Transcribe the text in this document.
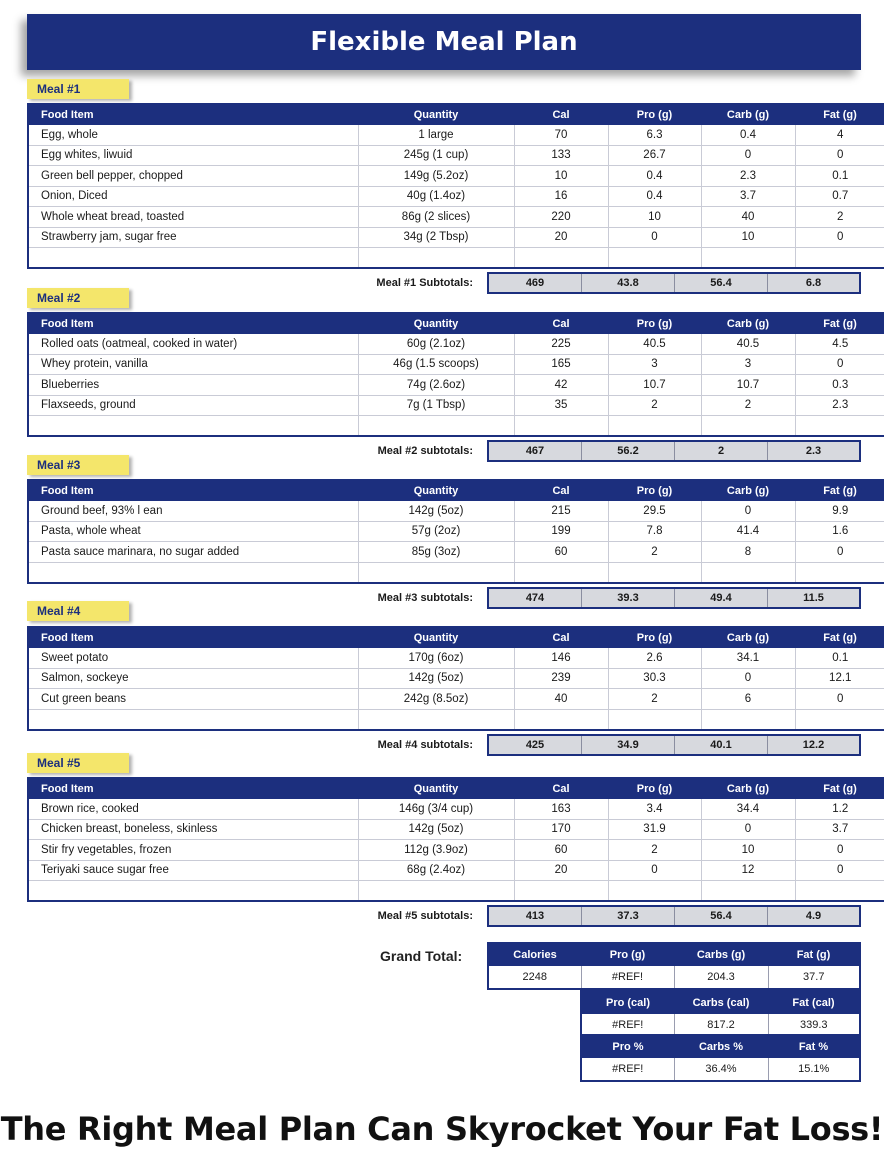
Flexible Meal Plan
Meal #1
Food Item	Quantity	Cal	Pro (g)	Carb (g)	Fat (g)
Egg, whole	1 large	70	6.3	0.4	4
Egg whites, liwuid	245g (1 cup)	133	26.7	0	0
Green bell pepper, chopped	149g (5.2oz)	10	0.4	2.3	0.1
Onion, Diced	40g (1.4oz)	16	0.4	3.7	0.7
Whole wheat bread, toasted	86g (2 slices)	220	10	40	2
Strawberry jam, sugar free	34g (2 Tbsp)	20	0	10	0

Meal #1 Subtotals:	469	43.8	56.4	6.8
Meal #2
Food Item	Quantity	Cal	Pro (g)	Carb (g)	Fat (g)
Rolled oats (oatmeal, cooked in water)	60g (2.1oz)	225	40.5	40.5	4.5
Whey protein, vanilla	46g (1.5 scoops)	165	3	3	0
Blueberries	74g (2.6oz)	42	10.7	10.7	0.3
Flaxseeds, ground	7g (1 Tbsp)	35	2	2	2.3

Meal #2 subtotals:	467	56.2	2	2.3
Meal #3
Food Item	Quantity	Cal	Pro (g)	Carb (g)	Fat (g)
Ground beef, 93% l ean	142g (5oz)	215	29.5	0	9.9
Pasta, whole wheat	57g (2oz)	199	7.8	41.4	1.6
Pasta sauce marinara, no sugar added	85g (3oz)	60	2	8	0

Meal #3 subtotals:	474	39.3	49.4	11.5
Meal #4
Food Item	Quantity	Cal	Pro (g)	Carb (g)	Fat (g)
Sweet potato	170g (6oz)	146	2.6	34.1	0.1
Salmon, sockeye	142g (5oz)	239	30.3	0	12.1
Cut green beans	242g (8.5oz)	40	2	6	0

Meal #4 subtotals:	425	34.9	40.1	12.2
Meal #5
Food Item	Quantity	Cal	Pro (g)	Carb (g)	Fat (g)
Brown rice, cooked	146g (3/4 cup)	163	3.4	34.4	1.2
Chicken breast, boneless, skinless	142g (5oz)	170	31.9	0	3.7
Stir fry vegetables, frozen	112g (3.9oz)	60	2	10	0
Teriyaki sauce sugar free	68g (2.4oz)	20	0	12	0

Meal #5 subtotals:	413	37.3	56.4	4.9
Grand Total:	Calories	Pro (g)	Carbs (g)	Fat (g)
2248	#REF!	204.3	37.7
Pro (cal)	Carbs (cal)	Fat (cal)
#REF!	817.2	339.3
Pro %	Carbs %	Fat %
#REF!	36.4%	15.1%
The Right Meal Plan Can Skyrocket Your Fat Loss!
